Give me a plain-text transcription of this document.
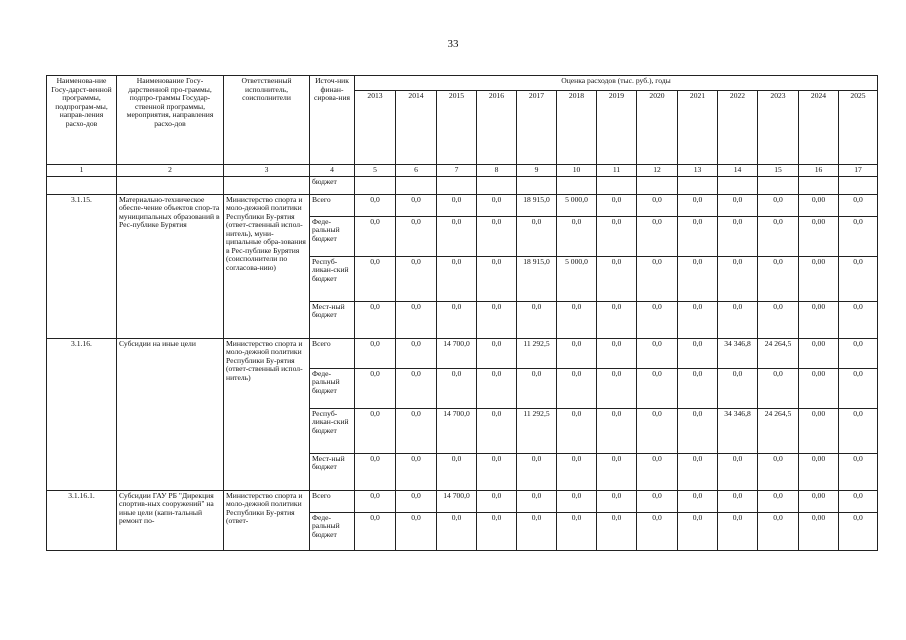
33
Наименова-ние Госу-дарст-венной программы, подпрограм-мы, направ-ления расхо-дов	Наименование Госу-дарственной про-граммы, подпро-граммы Государ-ственной программы, мероприятия, направления расхо-дов	Ответственный исполнитель, соисполнители	Источ-ник финан-сирова-ния	Оценка расходов (тыс. руб.), годы												
				2013	2014	2015	2016	2017	2018	2019	2020	2021	2022	2023	2024	2025
1	2	3	4	5	6	7	8	9	10	11	12	13	14	15	16	17
			бюджет													
3.1.15.	Материально-техническое обеспе-чение объектов спор-та муниципальных образований в Рес-публике Бурятия	Министерство спорта и моло-дежной политики Республики Бу-рятия (ответ-ственный испол-нитель), муни-ципальные обра-зования в Рес-публике Бурятия (соисполнители по согласова-нию)	Всего	0,0	0,0	0,0	0,0	18 915,0	5 000,0	0,0	0,0	0,0	0,0	0,0	0,00	0,0
			Феде-ральный бюджет	0,0	0,0	0,0	0,0	0,0	0,0	0,0	0,0	0,0	0,0	0,0	0,00	0,0
			Респуб-ликан-ский бюджет	0,0	0,0	0,0	0,0	18 915,0	5 000,0	0,0	0,0	0,0	0,0	0,0	0,00	0,0
			Мест-ный бюджет	0,0	0,0	0,0	0,0	0,0	0,0	0,0	0,0	0,0	0,0	0,0	0,00	0,0
3.1.16.	Субсидии на иные цели	Министерство спорта и моло-дежной политики Республики Бу-рятия (ответ-ственный испол-нитель)	Всего	0,0	0,0	14 700,0	0,0	11 292,5	0,0	0,0	0,0	0,0	34 346,8	24 264,5	0,00	0,0
			Феде-ральный бюджет	0,0	0,0	0,0	0,0	0,0	0,0	0,0	0,0	0,0	0,0	0,0	0,00	0,0
			Респуб-ликан-ский бюджет	0,0	0,0	14 700,0	0,0	11 292,5	0,0	0,0	0,0	0,0	34 346,8	24 264,5	0,00	0,0
			Мест-ный бюджет	0,0	0,0	0,0	0,0	0,0	0,0	0,0	0,0	0,0	0,0	0,0	0,00	0,0
3.1.16.1.	Субсидии ГАУ РБ "Дирекция спортив-ных сооружений" на иные цели (капи-тальный ремонт по-	Министерство спорта и моло-дежной политики Республики Бу-рятия (ответ-	Всего	0,0	0,0	14 700,0	0,0	0,0	0,0	0,0	0,0	0,0	0,0	0,0	0,00	0,0
			Феде-ральный бюджет	0,0	0,0	0,0	0,0	0,0	0,0	0,0	0,0	0,0	0,0	0,0	0,00	0,0
